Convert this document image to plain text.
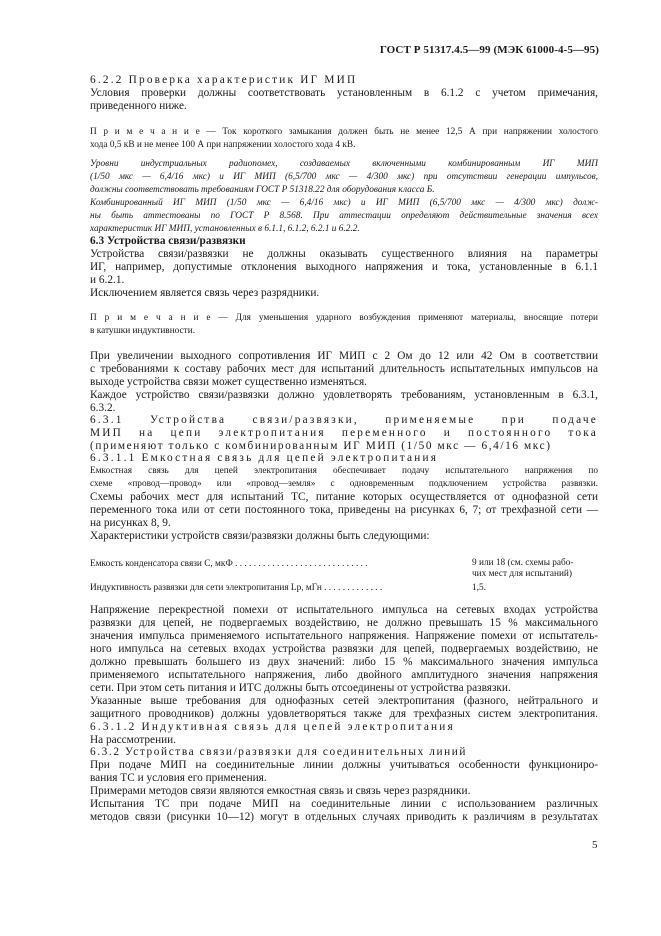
ГОСТ Р 51317.4.5—99 (МЭК 61000-4-5—95)
6.2.2 Проверка характеристик ИГ МИП
Условия проверки должны соответствовать установленным в 6.1.2 с учетом примечания,
приведенного ниже.
П р и м е ч а н и е — Ток короткого замыкания должен быть не менее 12,5 А при напряжении холостого
хода 0,5 кВ и не менее 100 А при напряжении холостого хода 4 кВ.
Уровни индустриальных радиопомех, создаваемых включенными комбинированным ИГ МИП
(1/50 мкс — 6,4/16 мкс) и ИГ МИП (6,5/700 мкс — 4/300 мкс) при отсутствии генерации импульсов,
должны соответствовать требованиям ГОСТ Р 51318.22 для оборудования класса Б.
Комбинированный ИГ МИП (1/50 мкс — 6,4/16 мкс) и ИГ МИП (6,5/700 мкс — 4/300 мкс) долж-
ны быть аттестованы по ГОСТ Р 8.568. При аттестации определяют действительные значения всех
характеристик ИГ МИП, установленных в 6.1.1, 6.1.2, 6.2.1 и 6.2.2.
6.3 Устройства связи/развязки
Устройства связи/развязки не должны оказывать существенного влияния на параметры
ИГ, например, допустимые отклонения выходного напряжения и тока, установленные в 6.1.1
и 6.2.1.
Исключением является связь через разрядники.
П р и м е ч а н и е — Для уменьшения ударного возбуждения применяют материалы, вносящие потери
в катушки индуктивности.
При увеличении выходного сопротивления ИГ МИП с 2 Ом до 12 или 42 Ом в соответствии
с требованиями к составу рабочих мест для испытаний длительность испытательных импульсов на
выходе устройства связи может существенно изменяться.
Каждое устройство связи/развязки должно удовлетворять требованиям, установленным в 6.3.1,
6.3.2.
6.3.1 Устройства связи/развязки, применяемые при подаче
МИП на цепи электропитания переменного и постоянного тока
(применяют только с комбинированным ИГ МИП (1/50 мкс — 6,4/16 мкс)
6.3.1.1 Емкостная связь для цепей электропитания
Емкостная связь для цепей электропитания обеспечивает подачу испытательного напряжения по
схеме «провод—провод» или «провод—земля» с одновременным подключением устройства развязки.
Схемы рабочих мест для испытаний ТС, питание которых осуществляется от однофазной сети
переменного тока или от сети постоянного тока, приведены на рисунках 6, 7; от трехфазной сети —
на рисунках 8, 9.
Характеристики устройств связи/развязки должны быть следующими:
Емкость конденсатора связи С, мкФ . . . . . . . . . . . . . . . . . . . . . . . . . . . . .	9 или 18 (см. схемы рабо-
чих мест для испытаний)
Индуктивность развязки для сети электропитания Lр, мГн . . . . . . . . . . . . .	1,5.
Напряжение перекрестной помехи от испытательного импульса на сетевых входах устройства
развязки для цепей, не подвергаемых воздействию, не должно превышать 15 % максимального
значения импульса применяемого испытательного напряжения. Напряжение помехи от испытатель-
ного импульса на сетевых входах устройства развязки для цепей, подвергаемых воздействию, не
должно превышать большего из двух значений: либо 15 % максимального значения импульса
применяемого испытательного напряжения, либо двойного амплитудного значения напряжения
сети. При этом сеть питания и ИТС должны быть отсоединены от устройства развязки.
Указанные выше требования для однофазных сетей электропитания (фазного, нейтрального и
защитного проводников) должны удовлетворяться также для трехфазных систем электропитания.
6.3.1.2 Индуктивная связь для цепей электропитания
На рассмотрении.
6.3.2 Устройства связи/развязки для соединительных линий
При подаче МИП на соединительные линии должны учитываться особенности функциониро-
вания ТС и условия его применения.
Примерами методов связи являются емкостная связь и связь через разрядники.
Испытания ТС при подаче МИП на соединительные линии с использованием различных
методов связи (рисунки 10—12) могут в отдельных случаях приводить к различиям в результатах
5
